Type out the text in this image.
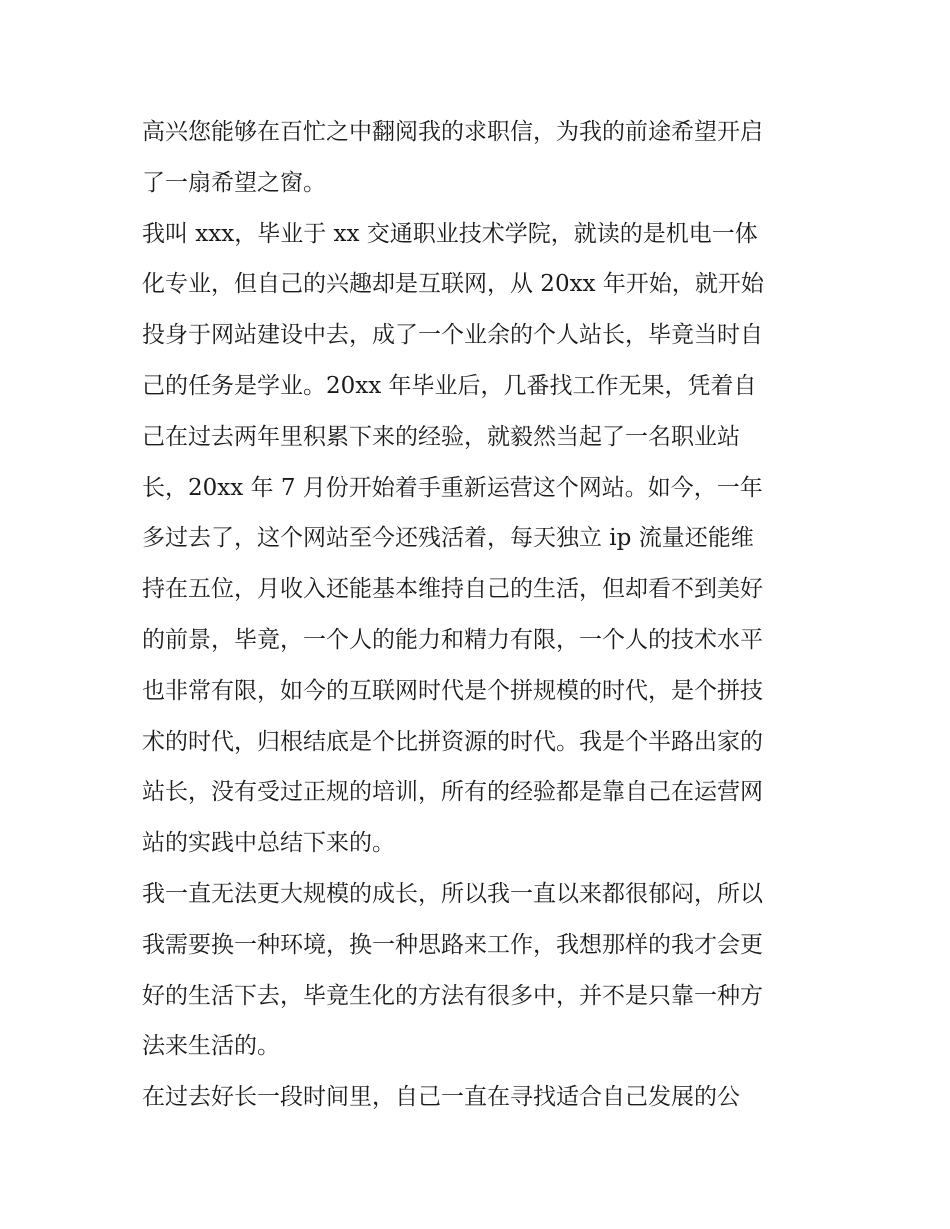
高兴您能够在百忙之中翻阅我的求职信，为我的前途希望开启
了一扇希望之窗。
我叫 xxx，毕业于 xx 交通职业技术学院，就读的是机电一体
化专业，但自己的兴趣却是互联网，从 20xx 年开始，就开始
投身于网站建设中去，成了一个业余的个人站长，毕竟当时自
己的任务是学业。20xx 年毕业后，几番找工作无果，凭着自
己在过去两年里积累下来的经验，就毅然当起了一名职业站
长，20xx 年 7 月份开始着手重新运营这个网站。如今，一年
多过去了，这个网站至今还残活着，每天独立 ip 流量还能维
持在五位，月收入还能基本维持自己的生活，但却看不到美好
的前景，毕竟，一个人的能力和精力有限，一个人的技术水平
也非常有限，如今的互联网时代是个拼规模的时代，是个拼技
术的时代，归根结底是个比拼资源的时代。我是个半路出家的
站长，没有受过正规的培训，所有的经验都是靠自己在运营网
站的实践中总结下来的。
我一直无法更大规模的成长，所以我一直以来都很郁闷，所以
我需要换一种环境，换一种思路来工作，我想那样的我才会更
好的生活下去，毕竟生化的方法有很多中，并不是只靠一种方
法来生活的。
在过去好长一段时间里，自己一直在寻找适合自己发展的公
